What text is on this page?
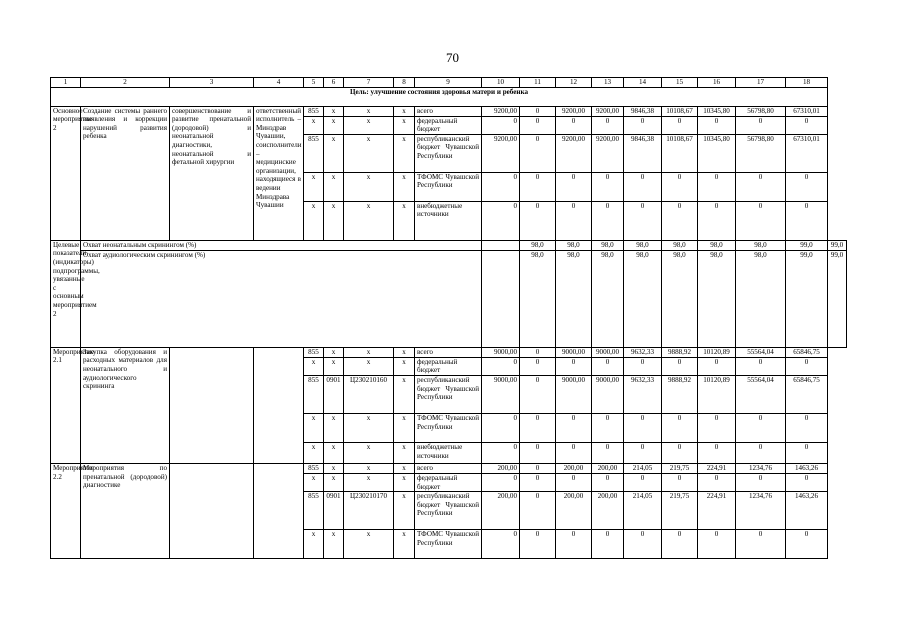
70
1	2	3	4	5	6	7	8	9	10	11	12	13	14	15	16	17	18	
Цель: улучшение состояния здоровья матери и ребенка																		
Основное мероприятие 2	Создание системы раннего выявления и коррекции нарушений развития ребенка	совершенствование и развитие пренатальной (дородовой) и неонатальной диагностики, неонатальной и фетальной хирургии	ответственный исполнитель – Минздрав Чувашии, соисполнители – медицинские организации, находящиеся в ведении Минздрава Чувашии	855	х	х	х	всего	9200,00	0	9200,00	9200,00	9846,38	10108,67	10345,80	56798,80	67310,01	
				х	х	х	х	федеральный бюджет	0	0	0	0	0	0	0	0	0	
				855	х	х	х	республиканский бюджет Чувашской Республики	9200,00	0	9200,00	9200,00	9846,38	10108,67	10345,80	56798,80	67310,01	
				х	х	х	х	ТФОМС Чувашской Республики	0	0	0	0	0	0	0	0	0	
				х	х	х	х	внебюджетные источники	0	0	0	0	0	0	0	0	0	
Целевые показатели (индикаторы) подпрограммы, увязанные с основным мероприятием 2	Охват неонатальным скринингом (%)									98,0	98,0	98,0	98,0	98,0	98,0	98,0	99,0	99,0
	Охват аудиологическим скринингом (%)									98,0	98,0	98,0	98,0	98,0	98,0	98,0	99,0	99,0
Мероприятие 2.1	Закупка оборудования и расходных материалов для неонатального и аудиологического скрининга			855	х	х	х	всего	9000,00	0	9000,00	9000,00	9632,33	9888,92	10120,89	55564,04	65846,75	
				х	х	х	х	федеральный бюджет	0	0	0	0	0	0	0	0	0	
				855	0901	Ц230210160	х	республиканский бюджет Чувашской Республики	9000,00	0	9000,00	9000,00	9632,33	9888,92	10120,89	55564,04	65846,75	
				х	х	х	х	ТФОМС Чувашской Республики	0	0	0	0	0	0	0	0	0	
				х	х	х	х	внебюджетные источники	0	0	0	0	0	0	0	0	0	
Мероприятие 2.2	Мероприятия по пренатальной (дородовой) диагностике			855	х	х	х	всего	200,00	0	200,00	200,00	214,05	219,75	224,91	1234,76	1463,26	
				х	х	х	х	федеральный бюджет	0	0	0	0	0	0	0	0	0	
				855	0901	Ц230210170	х	республиканский бюджет Чувашской Республики	200,00	0	200,00	200,00	214,05	219,75	224,91	1234,76	1463,26	
				х	х	х	х	ТФОМС Чувашской Республики	0	0	0	0	0	0	0	0	0	
